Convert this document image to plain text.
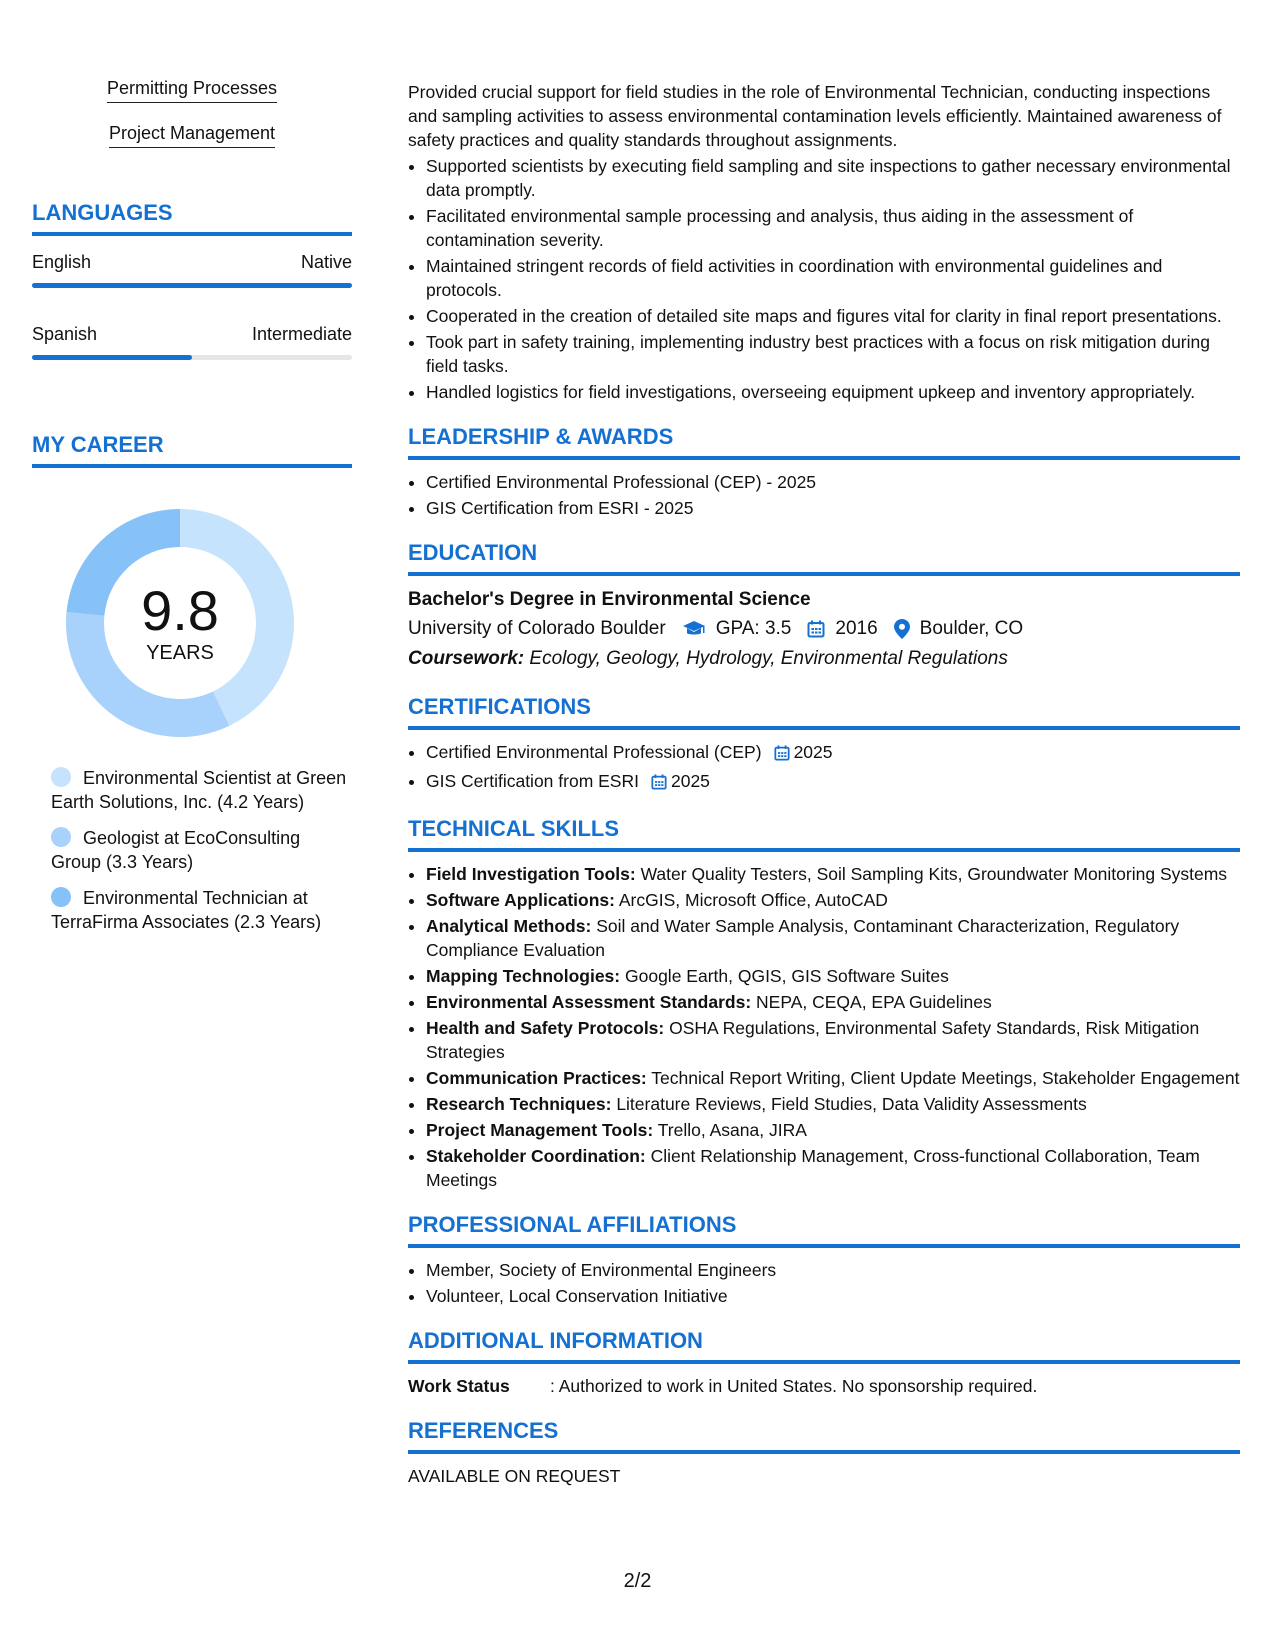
Permitting Processes
Project Management
LANGUAGES
English	Native
Spanish	Intermediate
MY CAREER
9.8
YEARS
Environmental Scientist at Green Earth Solutions, Inc. (4.2 Years)
Geologist at EcoConsulting Group (3.3 Years)
Environmental Technician at TerraFirma Associates (2.3 Years)

Provided crucial support for field studies in the role of Environmental Technician, conducting inspections and sampling activities to assess environmental contamination levels efficiently. Maintained awareness of safety practices and quality standards throughout assignments.

• Supported scientists by executing field sampling and site inspections to gather necessary environmental data promptly.
• Facilitated environmental sample processing and analysis, thus aiding in the assessment of contamination severity.
• Maintained stringent records of field activities in coordination with environmental guidelines and protocols.
• Cooperated in the creation of detailed site maps and figures vital for clarity in final report presentations.
• Took part in safety training, implementing industry best practices with a focus on risk mitigation during field tasks.
• Handled logistics for field investigations, overseeing equipment upkeep and inventory appropriately.
LEADERSHIP & AWARDS
• Certified Environmental Professional (CEP) - 2025
• GIS Certification from ESRI - 2025
EDUCATION
Bachelor's Degree in Environmental Science
University of Colorado Boulder	GPA: 3.5 2016 Boulder, CO
Coursework: Ecology, Geology, Hydrology, Environmental Regulations
CERTIFICATIONS
• Certified Environmental Professional (CEP) 2025
• GIS Certification from ESRI 2025
TECHNICAL SKILLS
• Field Investigation Tools: Water Quality Testers, Soil Sampling Kits, Groundwater Monitoring Systems
• Software Applications: ArcGIS, Microsoft Office, AutoCAD
• Analytical Methods: Soil and Water Sample Analysis, Contaminant Characterization, Regulatory Compliance Evaluation
• Mapping Technologies: Google Earth, QGIS, GIS Software Suites
• Environmental Assessment Standards: NEPA, CEQA, EPA Guidelines
• Health and Safety Protocols: OSHA Regulations, Environmental Safety Standards, Risk Mitigation Strategies
• Communication Practices: Technical Report Writing, Client Update Meetings, Stakeholder Engagement
• Research Techniques: Literature Reviews, Field Studies, Data Validity Assessments
• Project Management Tools: Trello, Asana, JIRA
• Stakeholder Coordination: Client Relationship Management, Cross-functional Collaboration, Team Meetings
PROFESSIONAL AFFILIATIONS
• Member, Society of Environmental Engineers
• Volunteer, Local Conservation Initiative
ADDITIONAL INFORMATION
Work Status	: Authorized to work in United States. No sponsorship required.
REFERENCES
AVAILABLE ON REQUEST
2/2
